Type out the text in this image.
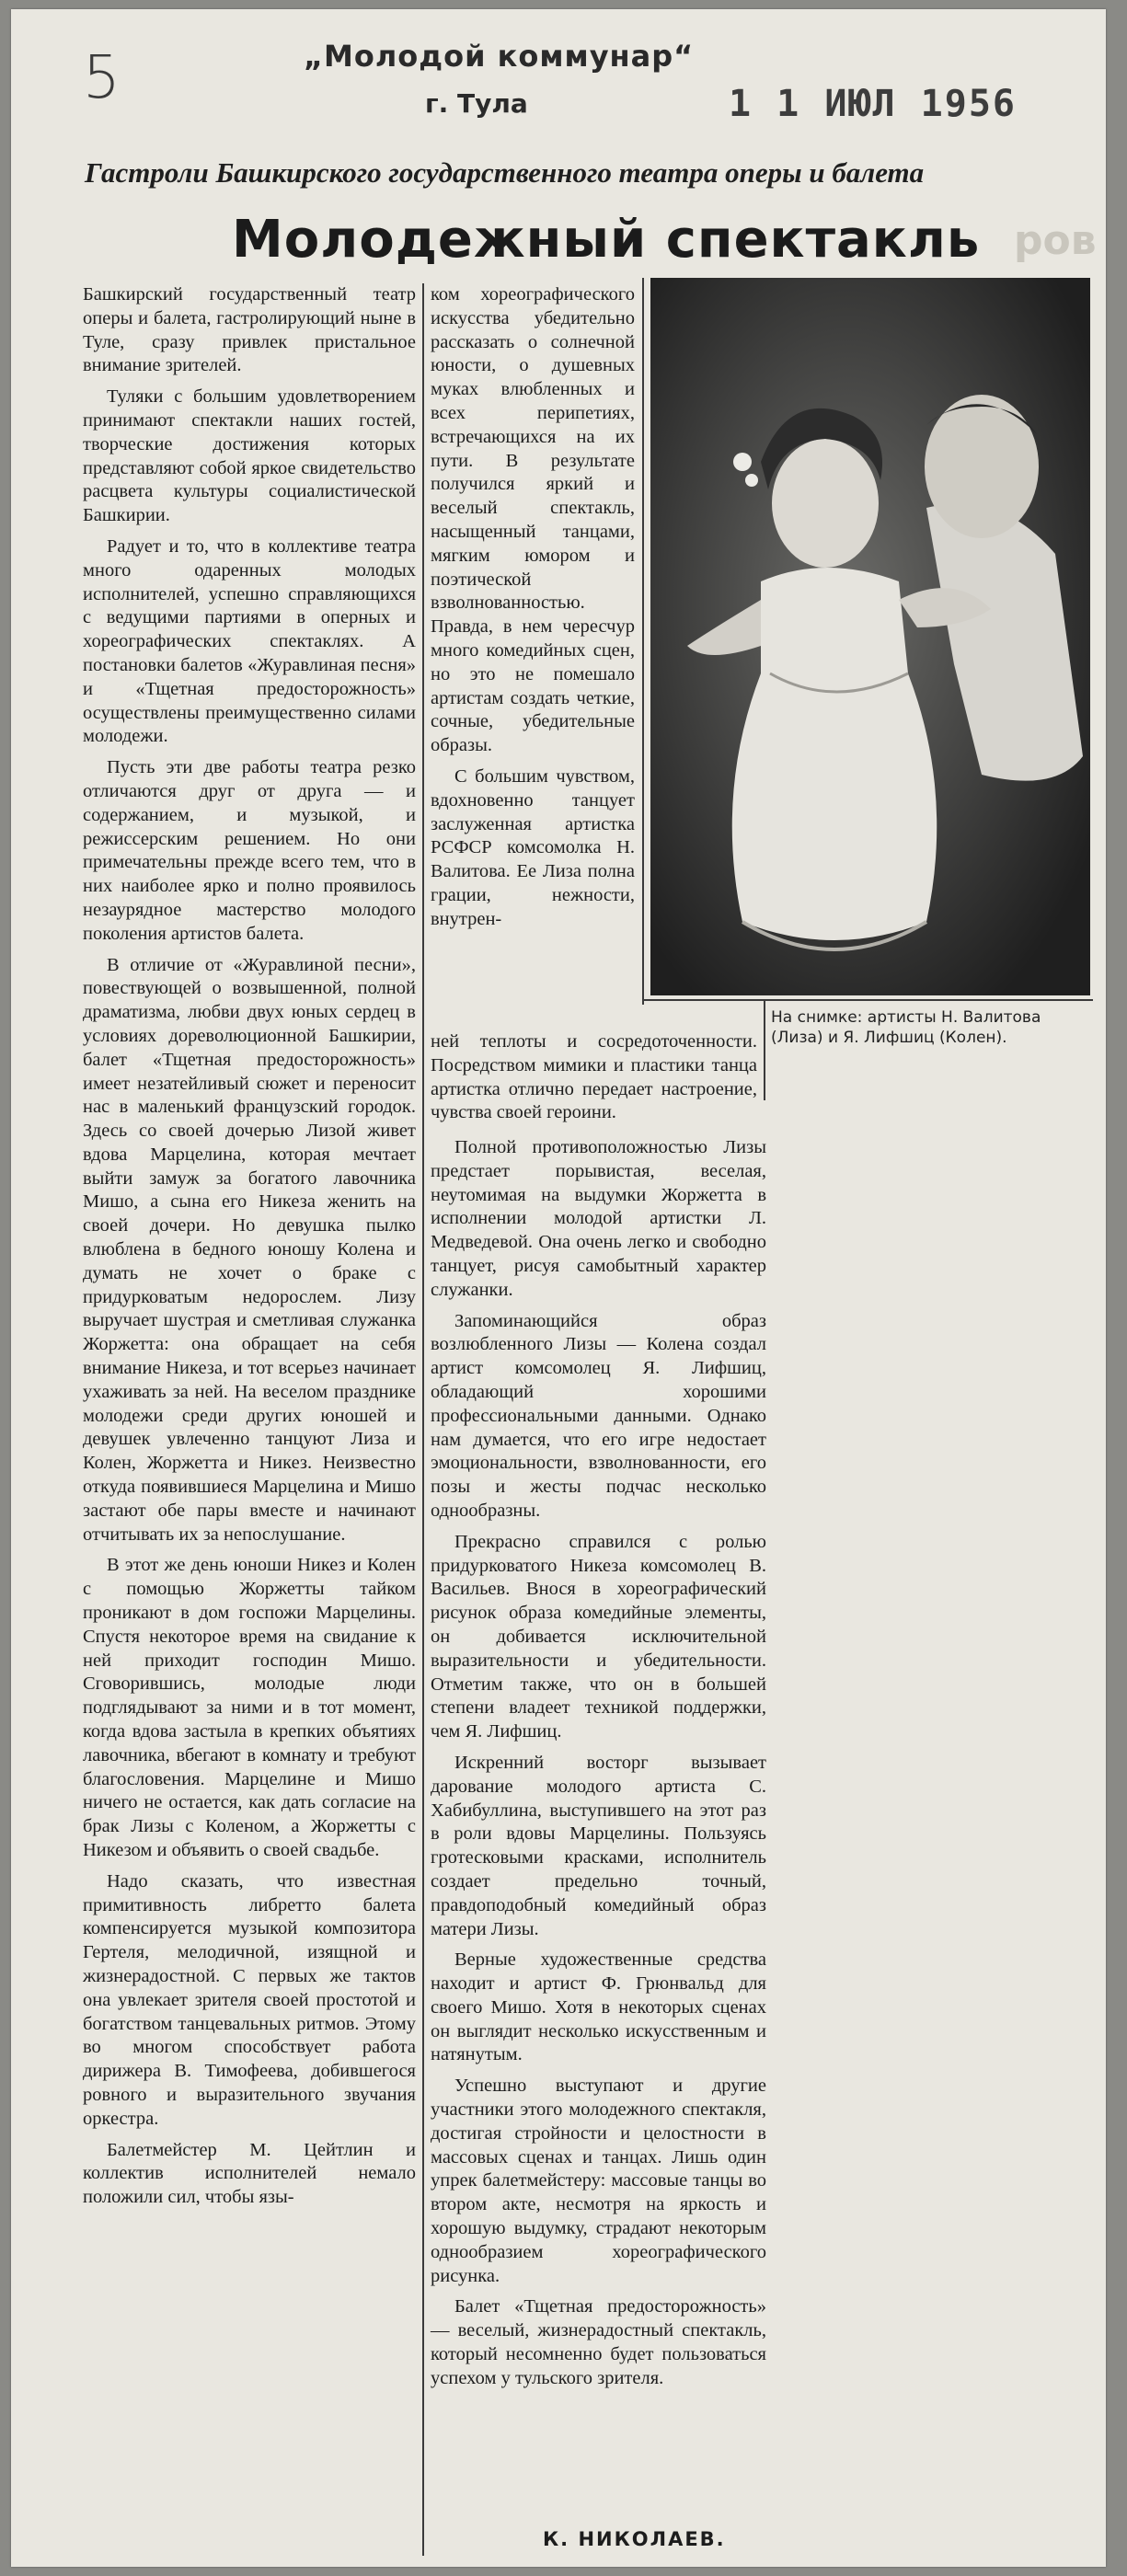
5	„Молодой коммунар“
г. Тула	1 1 ИЮЛ 1956
Гастроли Башкирского государственного театра оперы и балета
Молодежный спектакль ров

Башкирский государственный театр оперы и балета, гастролирующий ныне в Туле, сразу привлек пристальное внимание зрителей.

Туляки с большим удовлетворением принимают спектакли наших гостей, творческие достижения которых представляют собой яркое свидетельство расцвета культуры социалистической Башкирии.

Радует и то, что в коллективе театра много одаренных молодых исполнителей, успешно справляющихся с ведущими партиями в оперных и хореографических спектаклях. А постановки балетов «Журавлиная песня» и «Тщетная предосторожность» осуществлены преимущественно силами молодежи.

Пусть эти две работы театра резко отличаются друг от друга — и содержанием, и музыкой, и режиссерским решением. Но они примечательны прежде всего тем, что в них наиболее ярко и полно проявилось незаурядное мастерство молодого поколения артистов балета.

В отличие от «Журавлиной песни», повествующей о возвышенной, полной драматизма, любви двух юных сердец в условиях дореволюционной Башкирии, балет «Тщетная предосторожность» имеет незатейливый сюжет и переносит нас в маленький французский городок. Здесь со своей дочерью Лизой живет вдова Марцелина, которая мечтает выйти замуж за богатого лавочника Мишо, а сына его Никеза женить на своей дочери. Но девушка пылко влюблена в бедного юношу Колена и думать не хочет о браке с придурковатым недорослем. Лизу выручает шустрая и сметливая служанка Жоржетта: она обращает на себя внимание Никеза, и тот всерьез начинает ухаживать за ней. На веселом празднике молодежи среди других юношей и девушек увлеченно танцуют Лиза и Колен, Жоржетта и Никез. Неизвестно откуда появившиеся Марцелина и Мишо застают обе пары вместе и начинают отчитывать их за непослушание.

В этот же день юноши Никез и Колен с помощью Жоржетты тайком проникают в дом госпожи Марцелины. Спустя некоторое время на свидание к ней приходит господин Мишо. Сговорившись, молодые люди подглядывают за ними и в тот момент, когда вдова застыла в крепких объятиях лавочника, вбегают в комнату и требуют благословения. Марцелине и Мишо ничего не остается, как дать согласие на брак Лизы с Коленом, а Жоржетты с Никезом и объявить о своей свадьбе.

Надо сказать, что известная примитивность либретто балета компенсируется музыкой композитора Гертеля, мелодичной, изящной и жизнерадостной. С первых же тактов она увлекает зрителя своей простотой и богатством танцевальных ритмов. Этому во многом способствует работа дирижера В. Тимофеева, добившегося ровного и выразительного звучания оркестра.

Балетмейстер М. Цейтлин и коллектив исполнителей немало положили сил, чтобы язы-

ком хореографического искусства убедительно рассказать о солнечной юности, о душевных муках влюбленных и всех перипетиях, встречающихся на их пути. В результате получился яркий и веселый спектакль, насыщенный танцами, мягким юмором и поэтической взволнованностью. Правда, в нем чересчур много комедийных сцен, но это не помешало артистам создать четкие, сочные, убедительные образы.

С большим чувством, вдохновенно танцует заслуженная артистка РСФСР комсомолка Н. Валитова. Ее Лиза полна грации, нежности, внутрен-

ней теплоты и сосредоточенности. Посредством мимики и пластики танца артистка отлично передает настроение, чувства своей героини.

Полной противоположностью Лизы предстает порывистая, веселая, неутомимая на выдумки Жоржетта в исполнении молодой артистки Л. Медведевой. Она очень легко и свободно танцует, рисуя самобытный характер служанки.

Запоминающийся образ возлюбленного Лизы — Колена создал артист комсомолец Я. Лифшиц, обладающий хорошими профессиональными данными. Однако нам думается, что его игре недостает эмоциональности, взволнованности, его позы и жесты подчас несколько однообразны.

Прекрасно справился с ролью придурковатого Никеза комсомолец В. Васильев. Внося в хореографический рисунок образа комедийные элементы, он добивается исключительной выразительности и убедительности. Отметим также, что он в большей степени владеет техникой поддержки, чем Я. Лифшиц.

Искренний восторг вызывает дарование молодого артиста С. Хабибуллина, выступившего на этот раз в роли вдовы Марцелины. Пользуясь гротесковыми красками, исполнитель создает предельно точный, правдоподобный комедийный образ матери Лизы.

Верные художественные средства находит и артист Ф. Грюнвальд для своего Мишо. Хотя в некоторых сценах он выглядит несколько искусственным и натянутым.

Успешно выступают и другие участники этого молодежного спектакля, достигая стройности и целостности в массовых сценах и танцах. Лишь один упрек балетмейстеру: массовые танцы во втором акте, несмотря на яркость и хорошую выдумку, страдают некоторым однообразием хореографического рисунка.

Балет «Тщетная предосторожность» — веселый, жизнерадостный спектакль, который несомненно будет пользоваться успехом у тульского зрителя.

На снимке: артисты Н. Валитова (Лиза) и Я. Лифшиц (Колен).
К. НИКОЛАЕВ.
